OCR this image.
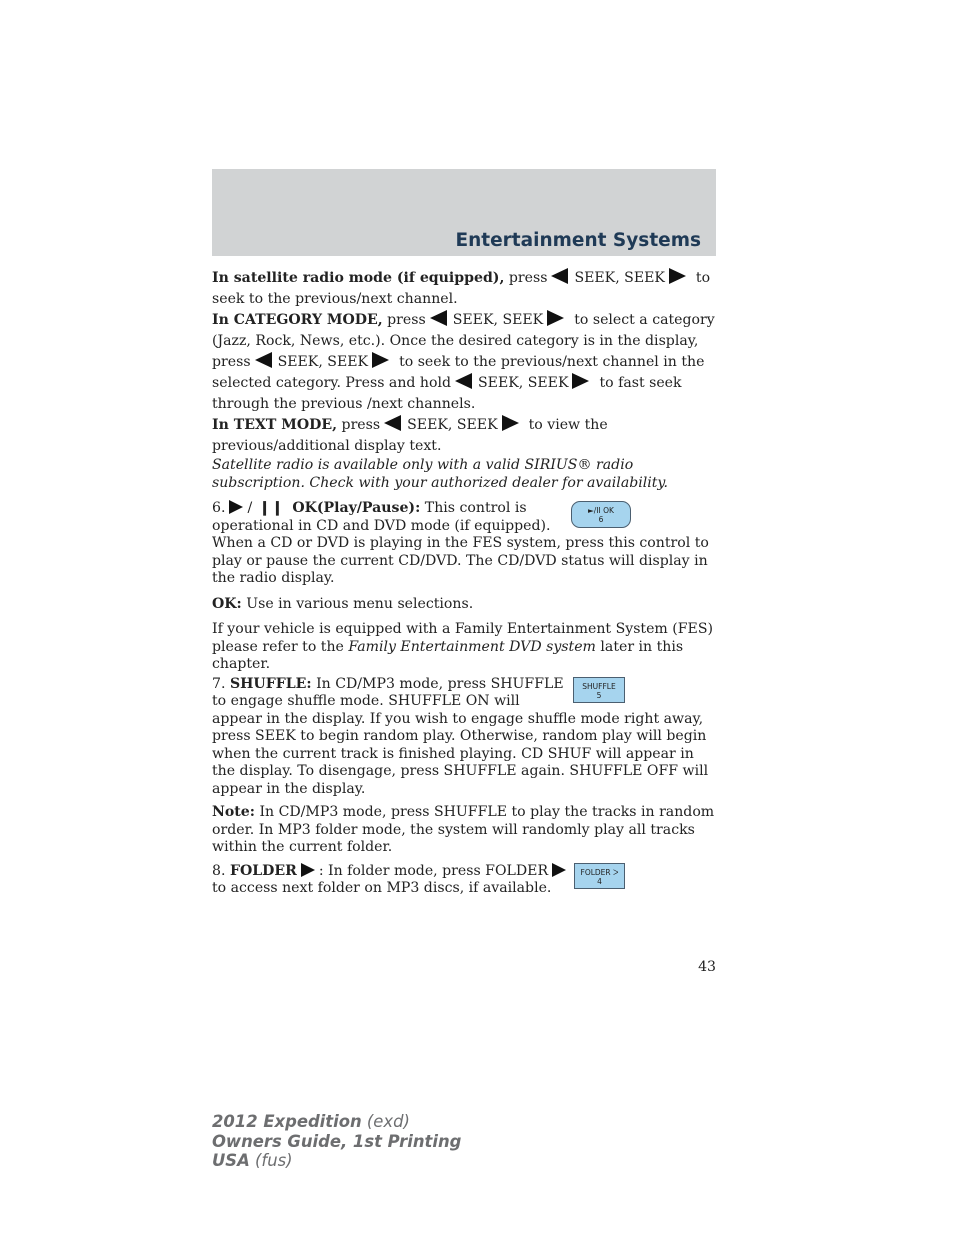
Entertainment Systems

In satellite radio mode (if equipped), press SEEK, SEEK to seek to the previous/next channel.

In CATEGORY MODE, press SEEK, SEEK to select a category (Jazz, Rock, News, etc.). Once the desired category is in the display, press SEEK, SEEK to seek to the previous/next channel in the selected category. Press and hold SEEK, SEEK to fast seek through the previous /next channels.

In TEXT MODE, press SEEK, SEEK to view the previous/additional display text.

Satellite radio is available only with a valid SIRIUS® radio subscription. Check with your authorized dealer for availability.

►/II OK
6

6. / ❙❙ OK(Play/Pause): This control is operational in CD and DVD mode (if equipped). When a CD or DVD is playing in the FES system, press this control to play or pause the current CD/DVD. The CD/DVD status will display in the radio display.

OK: Use in various menu selections.

If your vehicle is equipped with a Family Entertainment System (FES) please refer to the Family Entertainment DVD system later in this chapter.

SHUFFLE
5

7. SHUFFLE: In CD/MP3 mode, press SHUFFLE to engage shuffle mode. SHUFFLE ON will appear in the display. If you wish to engage shuffle mode right away, press SEEK to begin random play. Otherwise, random play will begin when the current track is finished playing. CD SHUF will appear in the display. To disengage, press SHUFFLE again. SHUFFLE OFF will appear in the display.

Note: In CD/MP3 mode, press SHUFFLE to play the tracks in random order. In MP3 folder mode, the system will randomly play all tracks within the current folder.

FOLDER ᐳ
4

8. FOLDER : In folder mode, press FOLDERto access next folder on MP3 discs, if available.

43
2012 Expedition (exd)
Owners Guide, 1st Printing
USA (fus)
